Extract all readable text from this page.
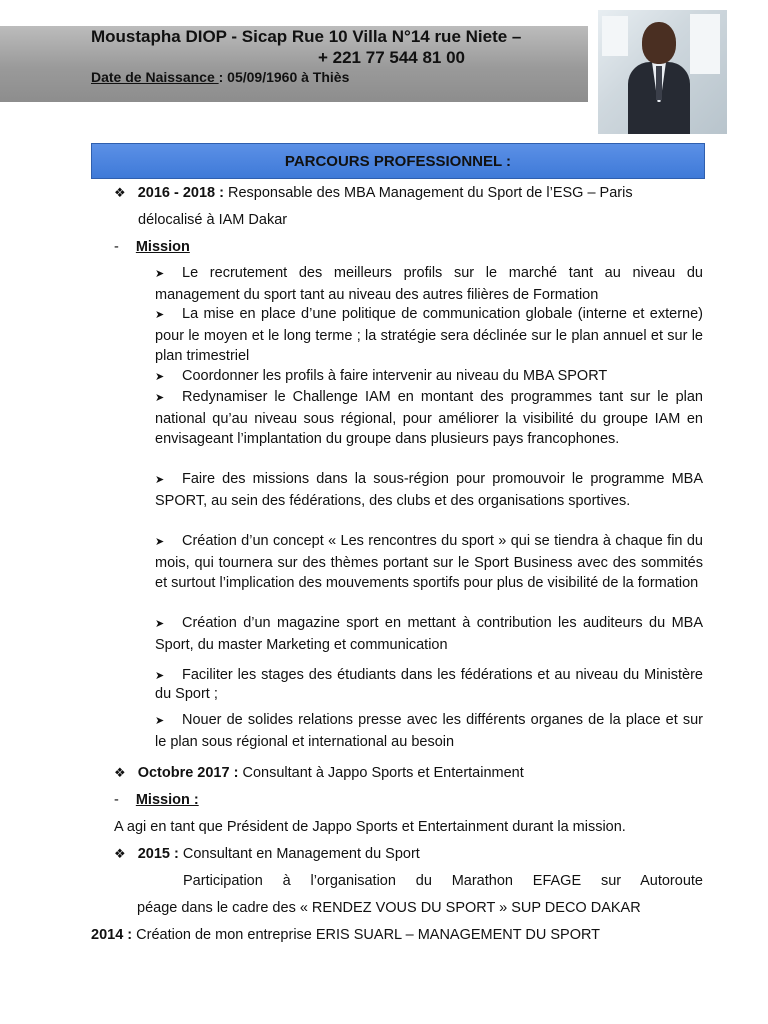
Moustapha DIOP - Sicap Rue 10 Villa N°14 rue Niete –
+ 221 77 544 81 00
Date de Naissance : 05/09/1960 à Thiès
PARCOURS PROFESSIONNEL :
❖ 2016 - 2018 : Responsable des MBA Management du Sport de l’ESG – Paris
délocalisé à IAM Dakar
- Mission
➤ Le recrutement des meilleurs profils sur le marché tant au niveau du management du sport tant au niveau des autres filières de Formation
➤ La mise en place d’une politique de communication globale (interne et externe) pour le moyen et le long terme ; la stratégie sera déclinée sur le plan annuel et sur le plan trimestriel
➤ Coordonner les profils à faire intervenir au niveau du MBA SPORT
➤ Redynamiser le Challenge IAM en montant des programmes tant sur le plan national qu’au niveau sous régional, pour améliorer la visibilité du groupe IAM en envisageant l’implantation du groupe dans plusieurs pays francophones.
➤ Faire des missions dans la sous-région pour promouvoir le programme MBA SPORT, au sein des fédérations, des clubs et des organisations sportives.
➤ Création d’un concept « Les rencontres du sport » qui se tiendra à chaque fin du mois, qui tournera sur des thèmes portant sur le Sport Business avec des sommités et surtout l’implication des mouvements sportifs pour plus de visibilité de la formation
➤ Création d’un magazine sport en mettant à contribution les auditeurs du MBA Sport, du master Marketing et communication
➤ Faciliter les stages des étudiants dans les fédérations et au niveau du Ministère du Sport ;
➤ Nouer de solides relations presse avec les différents organes de la place et sur le plan sous régional et international au besoin
❖ Octobre 2017 : Consultant à Jappo Sports et Entertainment
- Mission :
A agi en tant que Président de Jappo Sports et Entertainment durant la mission.
❖ 2015 : Consultant en Management du Sport
Participation à l’organisation du Marathon EFAGE sur Autoroute
péage dans le cadre des « RENDEZ VOUS DU SPORT » SUP DECO DAKAR
2014 : Création de mon entreprise ERIS SUARL – MANAGEMENT DU SPORT
